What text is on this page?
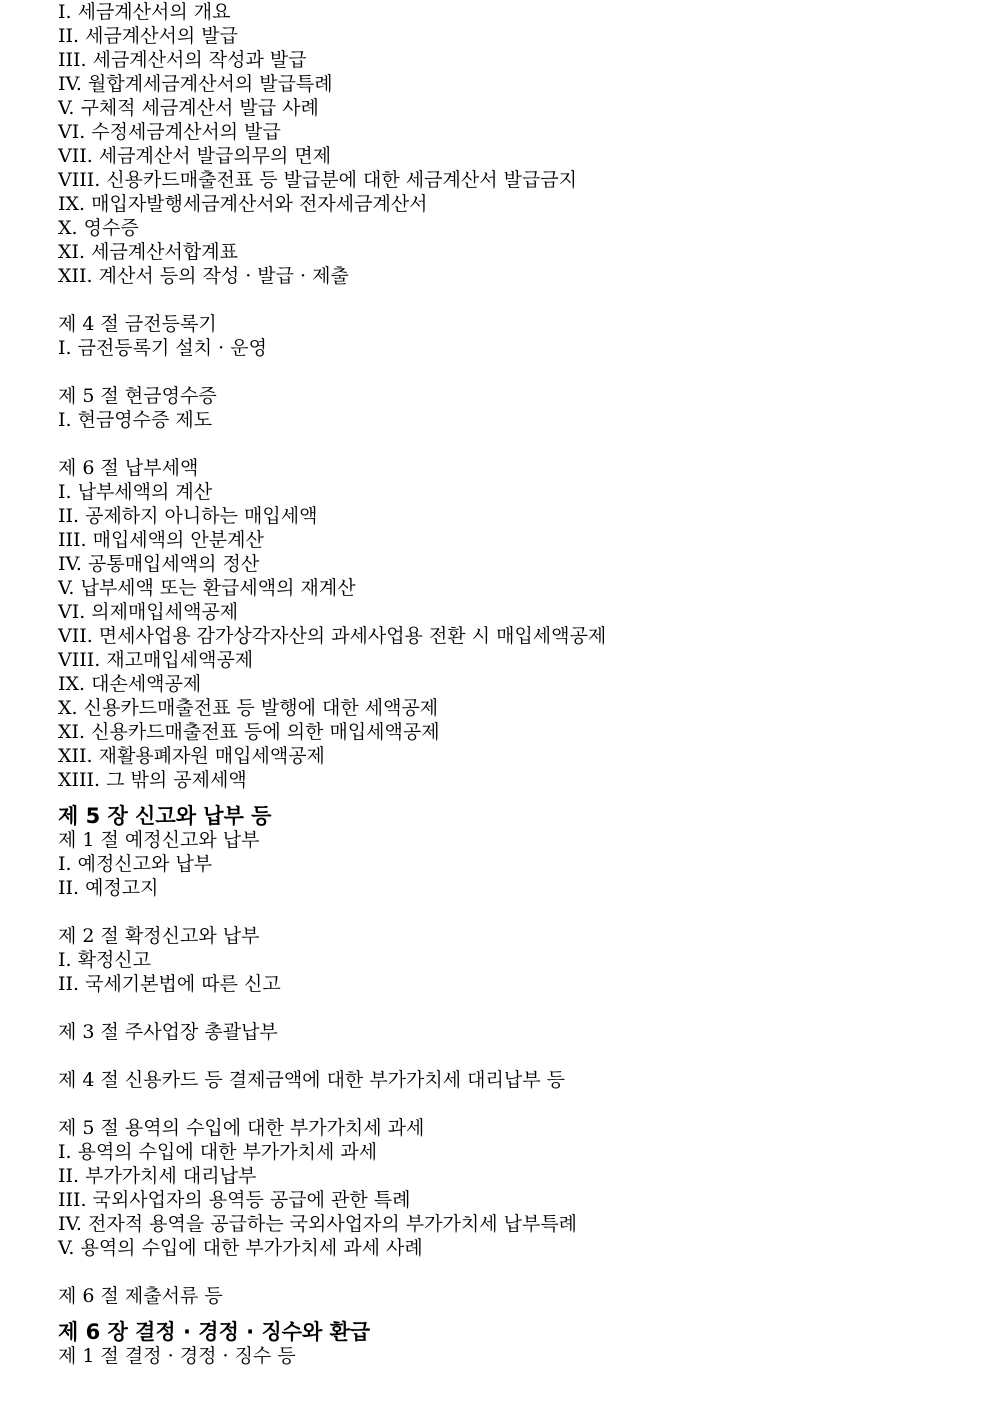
I. 세금계산서의 개요
II. 세금계산서의 발급
III. 세금계산서의 작성과 발급
IV. 월합계세금계산서의 발급특례
V. 구체적 세금계산서 발급 사례
VI. 수정세금계산서의 발급
VII. 세금계산서 발급의무의 면제
VIII. 신용카드매출전표 등 발급분에 대한 세금계산서 발급금지
IX. 매입자발행세금계산서와 전자세금계산서
X. 영수증
XI. 세금계산서합계표
XII. 계산서 등의 작성 · 발급 · 제출
제 4 절 금전등록기
I. 금전등록기 설치 · 운영
제 5 절 현금영수증
I. 현금영수증 제도
제 6 절 납부세액
I. 납부세액의 계산
II. 공제하지 아니하는 매입세액
III. 매입세액의 안분계산
IV. 공통매입세액의 정산
V. 납부세액 또는 환급세액의 재계산
VI. 의제매입세액공제
VII. 면세사업용 감가상각자산의 과세사업용 전환 시 매입세액공제
VIII. 재고매입세액공제
IX. 대손세액공제
X. 신용카드매출전표 등 발행에 대한 세액공제
XI. 신용카드매출전표 등에 의한 매입세액공제
XII. 재활용폐자원 매입세액공제
XIII. 그 밖의 공제세액
제 5 장 신고와 납부 등
제 1 절 예정신고와 납부
I. 예정신고와 납부
II. 예정고지
제 2 절 확정신고와 납부
I. 확정신고
II. 국세기본법에 따른 신고
제 3 절 주사업장 총괄납부
제 4 절 신용카드 등 결제금액에 대한 부가가치세 대리납부 등
제 5 절 용역의 수입에 대한 부가가치세 과세
I. 용역의 수입에 대한 부가가치세 과세
II. 부가가치세 대리납부
III. 국외사업자의 용역등 공급에 관한 특례
IV. 전자적 용역을 공급하는 국외사업자의 부가가치세 납부특례
V. 용역의 수입에 대한 부가가치세 과세 사례
제 6 절 제출서류 등
제 6 장 결정 · 경정 · 징수와 환급
제 1 절 결정 · 경정 · 징수 등
